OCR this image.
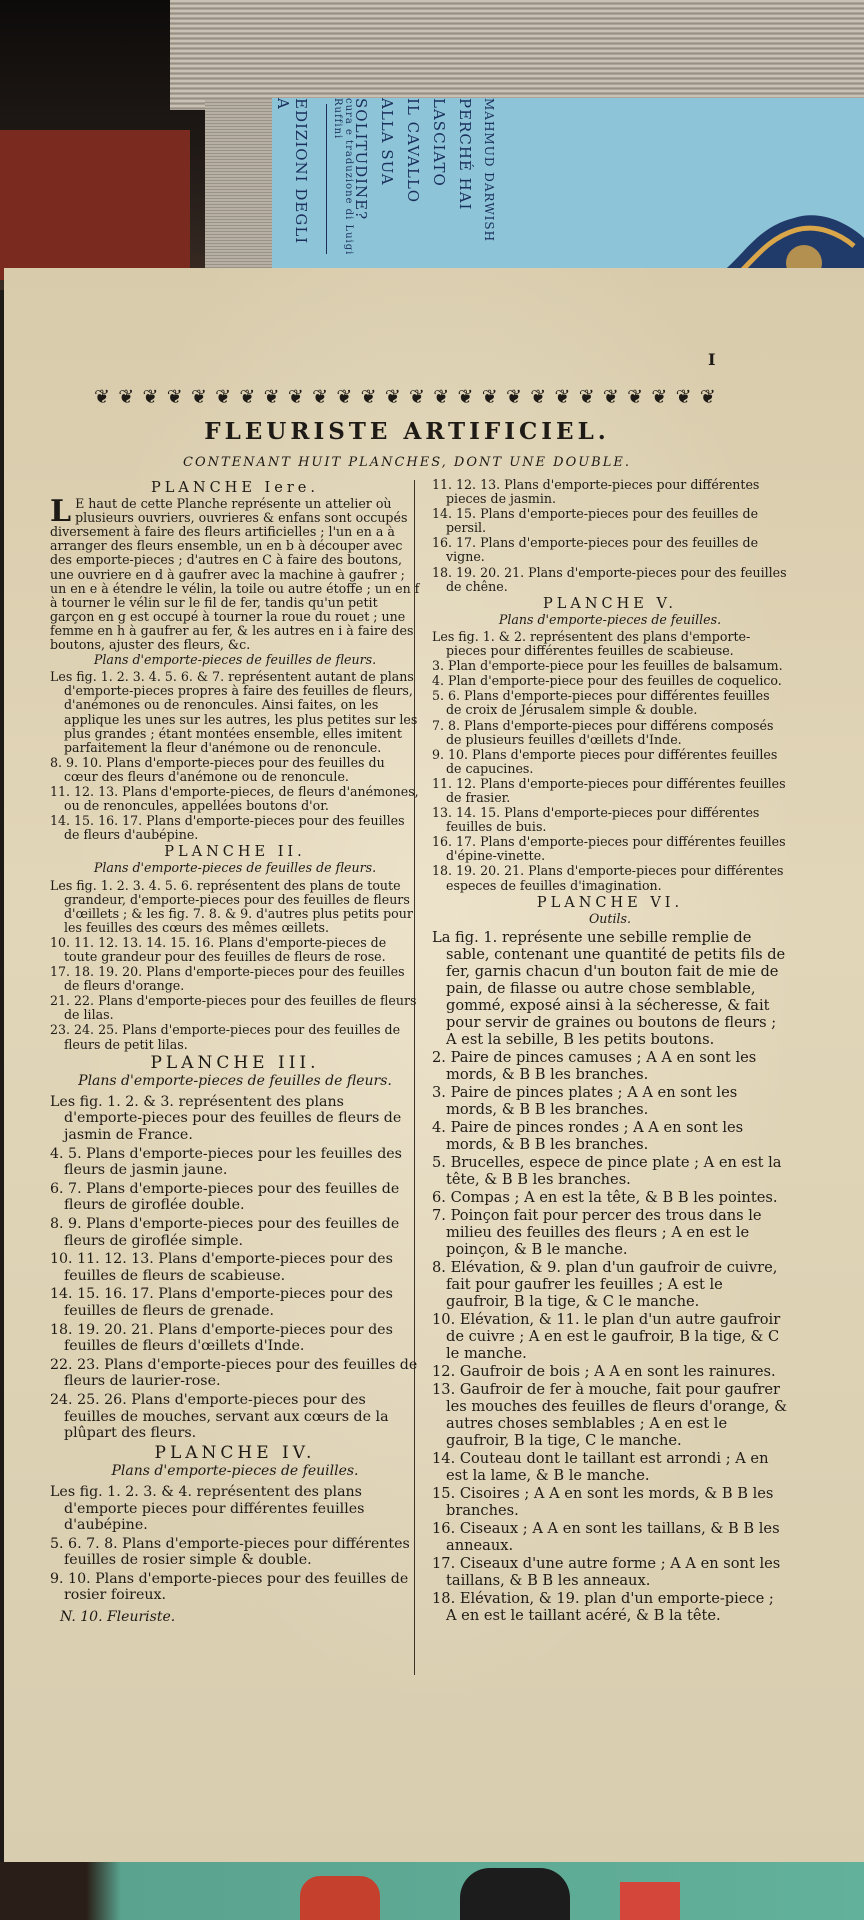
EDIZIONI DEGLI A	cura e traduzione di Luigi Ruffini SOLITUDINE? ALLA SUA IL CAVALLO LASCIATO PERCHÉ HAI MAHMUD DARWISH
I
❦ ❦ ❦ ❦ ❦ ❦ ❦ ❦ ❦ ❦ ❦ ❦ ❦ ❦ ❦ ❦ ❦ ❦ ❦ ❦ ❦ ❦ ❦ ❦ ❦ ❦
FLEURISTE ARTIFICIEL.
CONTENANT HUIT PLANCHES, DONT UNE DOUBLE.
PLANCHE Iere.
L E haut de cette Planche représente un attelier où plusieurs ouvriers, ouvrieres & enfans sont occupés diversement à faire des fleurs artificielles ; l'un en a à arranger des fleurs ensemble, un en b à découper avec des emporte-pieces ; d'autres en C à faire des boutons, une ouvriere en d à gaufrer avec la machine à gaufrer ; un en e à étendre le vélin, la toile ou autre étoffe ; un en f à tourner le vélin sur le fil de fer, tandis qu'un petit garçon en g est occupé à tourner la roue du rouet ; une femme en h à gaufrer au fer, & les autres en i à faire des boutons, ajuster des fleurs, &c.
Plans d'emporte-pieces de feuilles de fleurs.
Les fig. 1. 2. 3. 4. 5. 6. & 7. représentent autant de plans d'emporte-pieces propres à faire des feuilles de fleurs, d'anémones ou de renoncules. Ainsi faites, on les applique les unes sur les autres, les plus petites sur les plus grandes ; étant montées ensemble, elles imitent parfaitement la fleur d'anémone ou de renoncule.
8. 9. 10. Plans d'emporte-pieces pour des feuilles du cœur des fleurs d'anémone ou de renoncule.
11. 12. 13. Plans d'emporte-pieces, de fleurs d'anémones, ou de renoncules, appellées boutons d'or.
14. 15. 16. 17. Plans d'emporte-pieces pour des feuilles de fleurs d'aubépine.
PLANCHE II.
Plans d'emporte-pieces de feuilles de fleurs.
Les fig. 1. 2. 3. 4. 5. 6. représentent des plans de toute grandeur, d'emporte-pieces pour des feuilles de fleurs d'œillets ; & les fig. 7. 8. & 9. d'autres plus petits pour les feuilles des cœurs des mêmes œillets.
10. 11. 12. 13. 14. 15. 16. Plans d'emporte-pieces de toute grandeur pour des feuilles de fleurs de rose.
17. 18. 19. 20. Plans d'emporte-pieces pour des feuilles de fleurs d'orange.
21. 22. Plans d'emporte-pieces pour des feuilles de fleurs de lilas.
23. 24. 25. Plans d'emporte-pieces pour des feuilles de fleurs de petit lilas.
PLANCHE III.
Plans d'emporte-pieces de feuilles de fleurs.
Les fig. 1. 2. & 3. représentent des plans d'emporte-pieces pour des feuilles de fleurs de jasmin de France.
4. 5. Plans d'emporte-pieces pour les feuilles des fleurs de jasmin jaune.
6. 7. Plans d'emporte-pieces pour des feuilles de fleurs de giroflée double.
8. 9. Plans d'emporte-pieces pour des feuilles de fleurs de giroflée simple.
10. 11. 12. 13. Plans d'emporte-pieces pour des feuilles de fleurs de scabieuse.
14. 15. 16. 17. Plans d'emporte-pieces pour des feuilles de fleurs de grenade.
18. 19. 20. 21. Plans d'emporte-pieces pour des feuilles de fleurs d'œillets d'Inde.
22. 23. Plans d'emporte-pieces pour des feuilles de fleurs de laurier-rose.
24. 25. 26. Plans d'emporte-pieces pour des feuilles de mouches, servant aux cœurs de la plûpart des fleurs.
PLANCHE IV.
Plans d'emporte-pieces de feuilles.
Les fig. 1. 2. 3. & 4. représentent des plans d'emporte pieces pour différentes feuilles d'aubépine.
5. 6. 7. 8. Plans d'emporte-pieces pour différentes feuilles de rosier simple & double.
9. 10. Plans d'emporte-pieces pour des feuilles de rosier foireux.
N. 10. Fleuriste.
11. 12. 13. Plans d'emporte-pieces pour différentes pieces de jasmin.
14. 15. Plans d'emporte-pieces pour des feuilles de persil.
16. 17. Plans d'emporte-pieces pour des feuilles de vigne.
18. 19. 20. 21. Plans d'emporte-pieces pour des feuilles de chêne.
PLANCHE V.
Plans d'emporte-pieces de feuilles.
Les fig. 1. & 2. représentent des plans d'emporte-pieces pour différentes feuilles de scabieuse.
3. Plan d'emporte-piece pour les feuilles de balsamum.
4. Plan d'emporte-piece pour des feuilles de coquelico.
5. 6. Plans d'emporte-pieces pour différentes feuilles de croix de Jérusalem simple & double.
7. 8. Plans d'emporte-pieces pour différens composés de plusieurs feuilles d'œillets d'Inde.
9. 10. Plans d'emporte pieces pour différentes feuilles de capucines.
11. 12. Plans d'emporte-pieces pour différentes feuilles de frasier.
13. 14. 15. Plans d'emporte-pieces pour différentes feuilles de buis.
16. 17. Plans d'emporte-pieces pour différentes feuilles d'épine-vinette.
18. 19. 20. 21. Plans d'emporte-pieces pour différentes especes de feuilles d'imagination.
PLANCHE VI.
Outils.
La fig. 1. représente une sebille remplie de sable, contenant une quantité de petits fils de fer, garnis chacun d'un bouton fait de mie de pain, de filasse ou autre chose semblable, gommé, exposé ainsi à la sécheresse, & fait pour servir de graines ou boutons de fleurs ; A est la sebille, B les petits boutons.
2. Paire de pinces camuses ; A A en sont les mords, & B B les branches.
3. Paire de pinces plates ; A A en sont les mords, & B B les branches.
4. Paire de pinces rondes ; A A en sont les mords, & B B les branches.
5. Brucelles, espece de pince plate ; A en est la tête, & B B les branches.
6. Compas ; A en est la tête, & B B les pointes.
7. Poinçon fait pour percer des trous dans le milieu des feuilles des fleurs ; A en est le poinçon, & B le manche.
8. Elévation, & 9. plan d'un gaufroir de cuivre, fait pour gaufrer les feuilles ; A est le gaufroir, B la tige, & C le manche.
10. Elévation, & 11. le plan d'un autre gaufroir de cuivre ; A en est le gaufroir, B la tige, & C le manche.
12. Gaufroir de bois ; A A en sont les rainures.
13. Gaufroir de fer à mouche, fait pour gaufrer les mouches des feuilles de fleurs d'orange, & autres choses semblables ; A en est le gaufroir, B la tige, C le manche.
14. Couteau dont le taillant est arrondi ; A en est la lame, & B le manche.
15. Cisoires ; A A en sont les mords, & B B les branches.
16. Ciseaux ; A A en sont les taillans, & B B les anneaux.
17. Ciseaux d'une autre forme ; A A en sont les taillans, & B B les anneaux.
18. Elévation, & 19. plan d'un emporte-piece ; A en est le taillant acéré, & B la tête.
